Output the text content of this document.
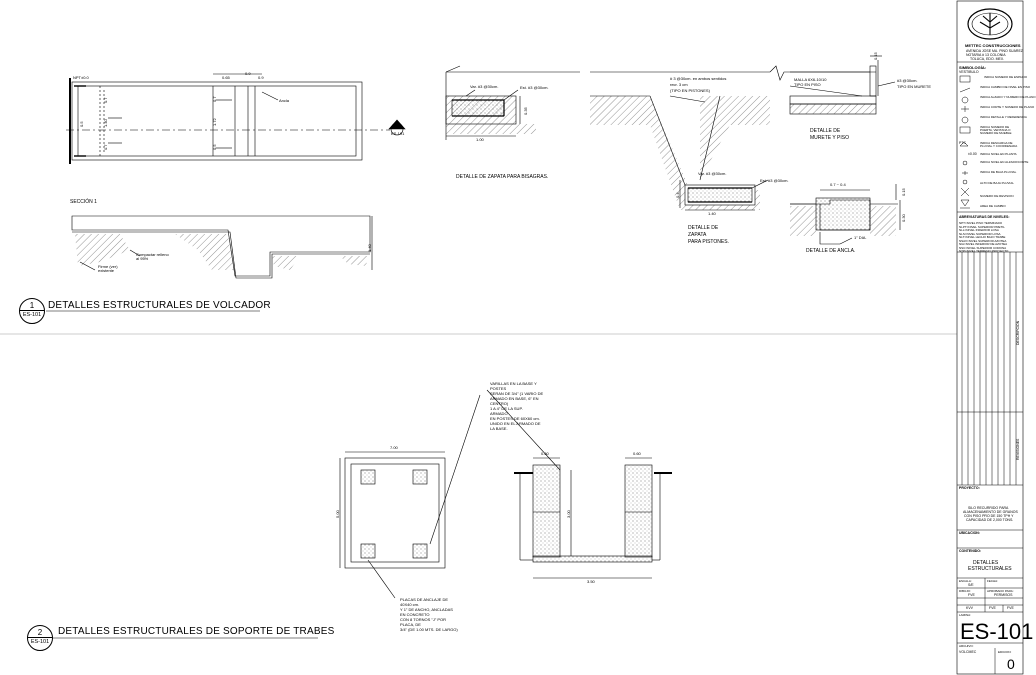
1
ES-101
DETALLES ESTRUCTURALES DE VOLCADOR
NPT±0.0	0.65
0.9
0.9
0.7
1.40
0.7
0.7
1.72
0.5
0.5
Ancla
1
ES-101
SECCIÓN 1
1.40
Compactar relleno al 95%
Firme (ver) existente
DETALLE DE ZAPATA PARA BISAGRAS.
Var. #3 @30cm.	Est. #3 @30cm.
1.00
0.35
# 3 @30cm. en ambos sentidos
recr. 3 cm
(TIPO EN PISTONES)
Var. #3 @30cm.
Est. #3 @30cm.
1.40
0.4
DETALLE DE
ZAPATA
PARA PISTONES.
MALLA 6X6-10/10
TIPO EN PISO
#3 @30cm.
TIPO EN MURETE
0.15
DETALLE DE
MURETE Y PISO
0.7 ~ 0.4
0.30
0.15
1" DIA.
DETALLE DE ANCLA.
2
ES-101
DETALLES ESTRUCTURALES DE SOPORTE DE TRABES
7.00
5.00
0.60	0.60
3.00
3.50
VARILLAS EN LA BASE Y
POSTES
SERAN DE 3/4" (1 VARIO DE
ARMADO EN BASE, 6" EN
CENTRO)
1 A 4" DE LA SUP.
ARMADO
EN POSTES DE 60X60 cm.
UNIDO EN EL ARMADO DE
LA BASE.
PLACAS DE ANCLAJE DE
40X40 cm.
Y 1" DE ANCHO, ANCLADAS
EN CONCRETO
CON 8 TORNOS "J" POR
PLACA, DE
3/4" (DE 1.00 MTS. DE LARGO)
METTEC CONSTRUCCIONES
AVENIDA JOSE MA. PINO SUAREZ
NOTARIA # 13 COLONIA
TOLUCA, EDO. MEX.
SIMBOLOGÍA:
VESTIBULO
INDICA NUMERO DE ESPACIO
INDICA CAMBIO DE NIVEL EN PISO
INDICA ALZADO Y NUMERO DE PLANO
INDICA CORTE Y NUMERO DE PLANO
INDICA DETALLE Y REFERENCIA
INDICA NUMERO DE PUERTA, VENTANA O NUMERO DE MUEBLE
PTC	INDICA DESCARGA DE PLUVIAL Y COORDENADA
±0.00 INDICA NIVEL EN PLANTA
INDICA NIVEL EN ALZADO/CORTE
INDICA DE BAJA PLUVIAL
ALTO DE BAJA PLUVIAL
NUMERO DE REVISION
AREA DE CAMBIO
ABREVIATURAS DE NIVELES:
NPT=NIVEL PISO TERMINADO
NLPT=NIVEL SUPERIOR PRETIL
NLL=NIVEL INFERIOR LOSA
NLS=NIVEL SUPERIOR LOSA
NLT=NIVEL LECHO BAJO TRABE
NSAV=NIVEL SUPERIOR AZOTEA
NIA=NIVEL INFERIOR DE AZOTEA
NSC=NIVEL SUPERIOR CORONA
NTP=NIVEL TERRENO PROYECTO
DESCRIPCION
REVISIONES
PROYECTO:
SILO RECURRIDO PARA
ALMACENAMIENTO DE GRANOS
CON PISO PRO DE 150 TPH Y
CAPACIDAD DE 2,000 TONS.
UBICACION:
CONTENIDO:
DETALLES
ESTRUCTURALES
ESCALA:
S/E
FECHA:
DIBUJO:
FVE
APROBADO PARA:
PERMISOS
KVV	FVE	FVE
LAMINA:
ES-101
ARCHIVO:
VOLCMEC	EDICION:
0
